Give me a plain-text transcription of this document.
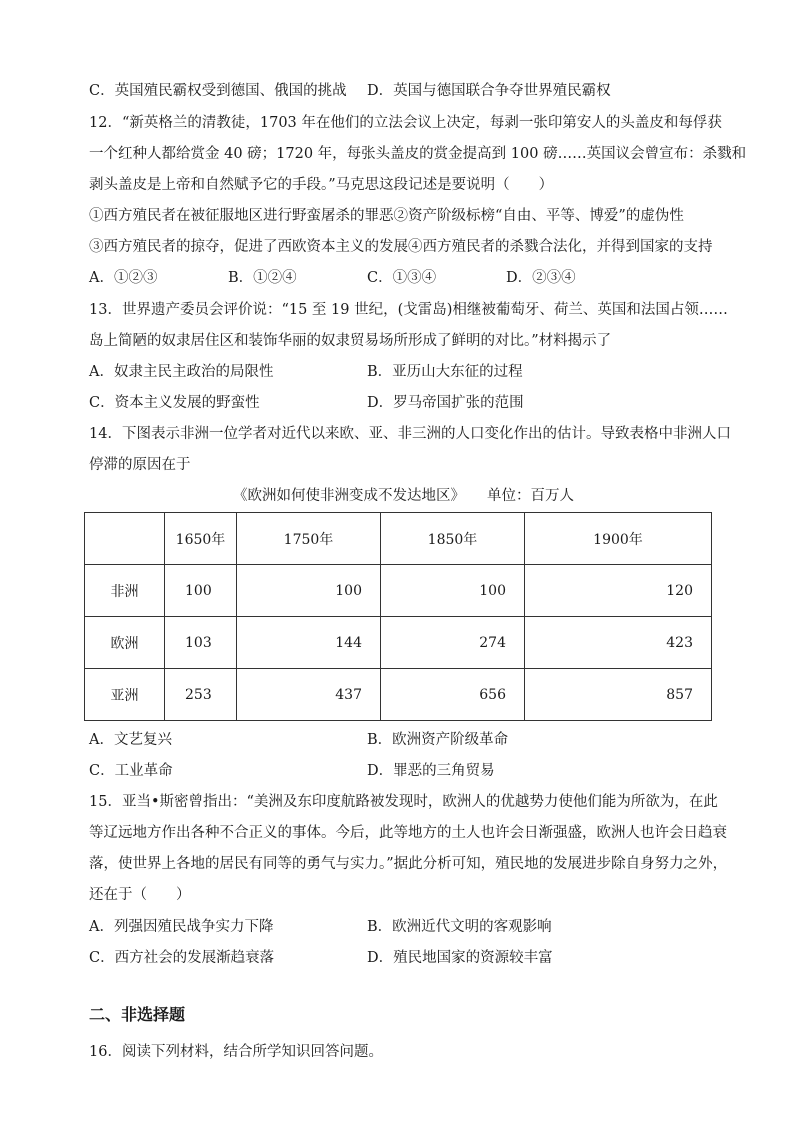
C．英国殖民霸权受到德国、俄国的挑战 D．英国与德国联合争夺世界殖民霸权
12．“新英格兰的清教徒，1703 年在他们的立法会议上决定，每剥一张印第安人的头盖皮和每俘获
一个红种人都给赏金 40 磅；1720 年，每张头盖皮的赏金提高到 100 磅……英国议会曾宣布：杀戮和
剥头盖皮是上帝和自然赋予它的手段。”马克思这段记述是要说明（　　）
①西方殖民者在被征服地区进行野蛮屠杀的罪恶②资产阶级标榜“自由、平等、博爱”的虚伪性
③西方殖民者的掠夺，促进了西欧资本主义的发展④西方殖民者的杀戮合法化，并得到国家的支持
A．①②③	B．①②④	C．①③④	D．②③④
13．世界遗产委员会评价说：“15 至 19 世纪，(戈雷岛)相继被葡萄牙、荷兰、英国和法国占领……
岛上简陋的奴隶居住区和装饰华丽的奴隶贸易场所形成了鲜明的对比。”材料揭示了
A．奴隶主民主政治的局限性	B．亚历山大东征的过程
C．资本主义发展的野蛮性	D．罗马帝国扩张的范围
14．下图表示非洲一位学者对近代以来欧、亚、非三洲的人口变化作出的估计。导致表格中非洲人口
停滞的原因在于
《欧洲如何使非洲变成不发达地区》 单位：百万人
	1650年	1750年	1850年	1900年
非洲	100	100	100	120
欧洲	103	144	274	423
亚洲	253	437	656	857
A．文艺复兴	B．欧洲资产阶级革命
C．工业革命	D．罪恶的三角贸易
15．亚当•斯密曾指出：“美洲及东印度航路被发现时，欧洲人的优越势力使他们能为所欲为，在此
等辽远地方作出各种不合正义的事体。今后，此等地方的土人也许会日渐强盛，欧洲人也许会日趋衰
落，使世界上各地的居民有同等的勇气与实力。”据此分析可知，殖民地的发展进步除自身努力之外，
还在于（　　）
A．列强因殖民战争实力下降	B．欧洲近代文明的客观影响
C．西方社会的发展渐趋衰落	D．殖民地国家的资源较丰富
二、非选择题
16．阅读下列材料，结合所学知识回答问题。
